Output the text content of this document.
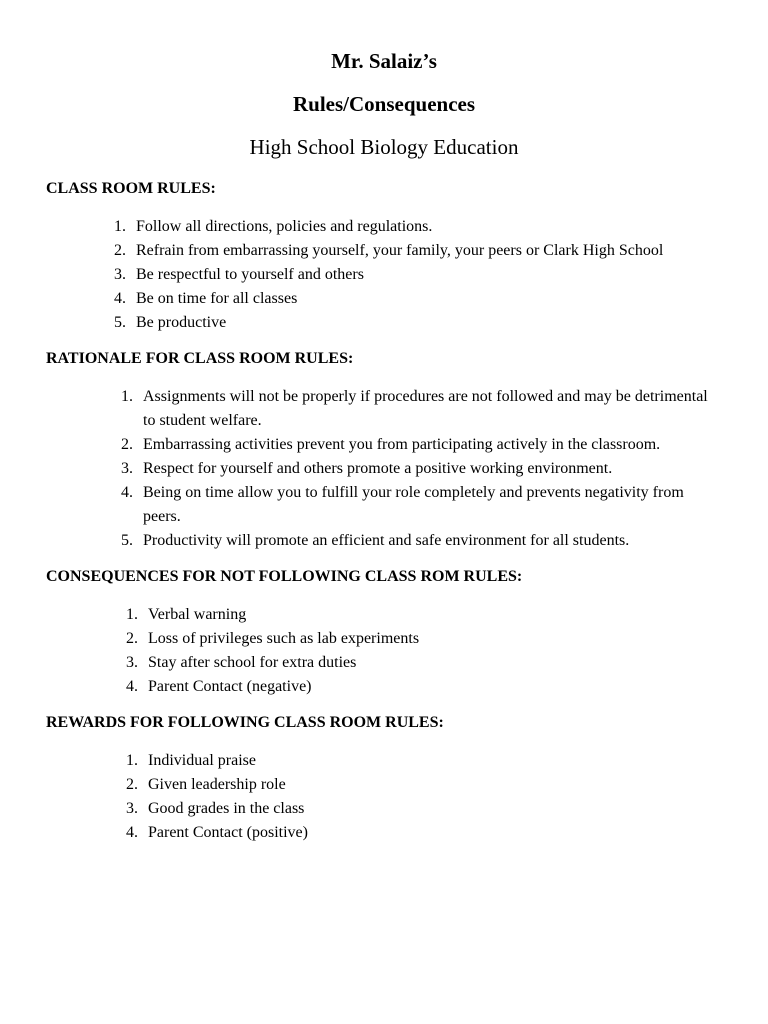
Mr. Salaiz’s
Rules/Consequences

High School Biology Education

CLASS ROOM RULES:
1. Follow all directions, policies and regulations.
2. Refrain from embarrassing yourself, your family, your peers or Clark High School
3. Be respectful to yourself and others
4. Be on time for all classes
5. Be productive
RATIONALE FOR CLASS ROOM RULES:
1. Assignments will not be properly if procedures are not followed and may be detrimental to student welfare.
2. Embarrassing activities prevent you from participating actively in the classroom.
3. Respect for yourself and others promote a positive working environment.
4. Being on time allow you to fulfill your role completely and prevents negativity from peers.
5. Productivity will promote an efficient and safe environment for all students.
CONSEQUENCES FOR NOT FOLLOWING CLASS ROM RULES:
1. Verbal warning
2. Loss of privileges such as lab experiments
3. Stay after school for extra duties
4. Parent Contact (negative)
REWARDS FOR FOLLOWING CLASS ROOM RULES:
1. Individual praise
2. Given leadership role
3. Good grades in the class
4. Parent Contact (positive)
